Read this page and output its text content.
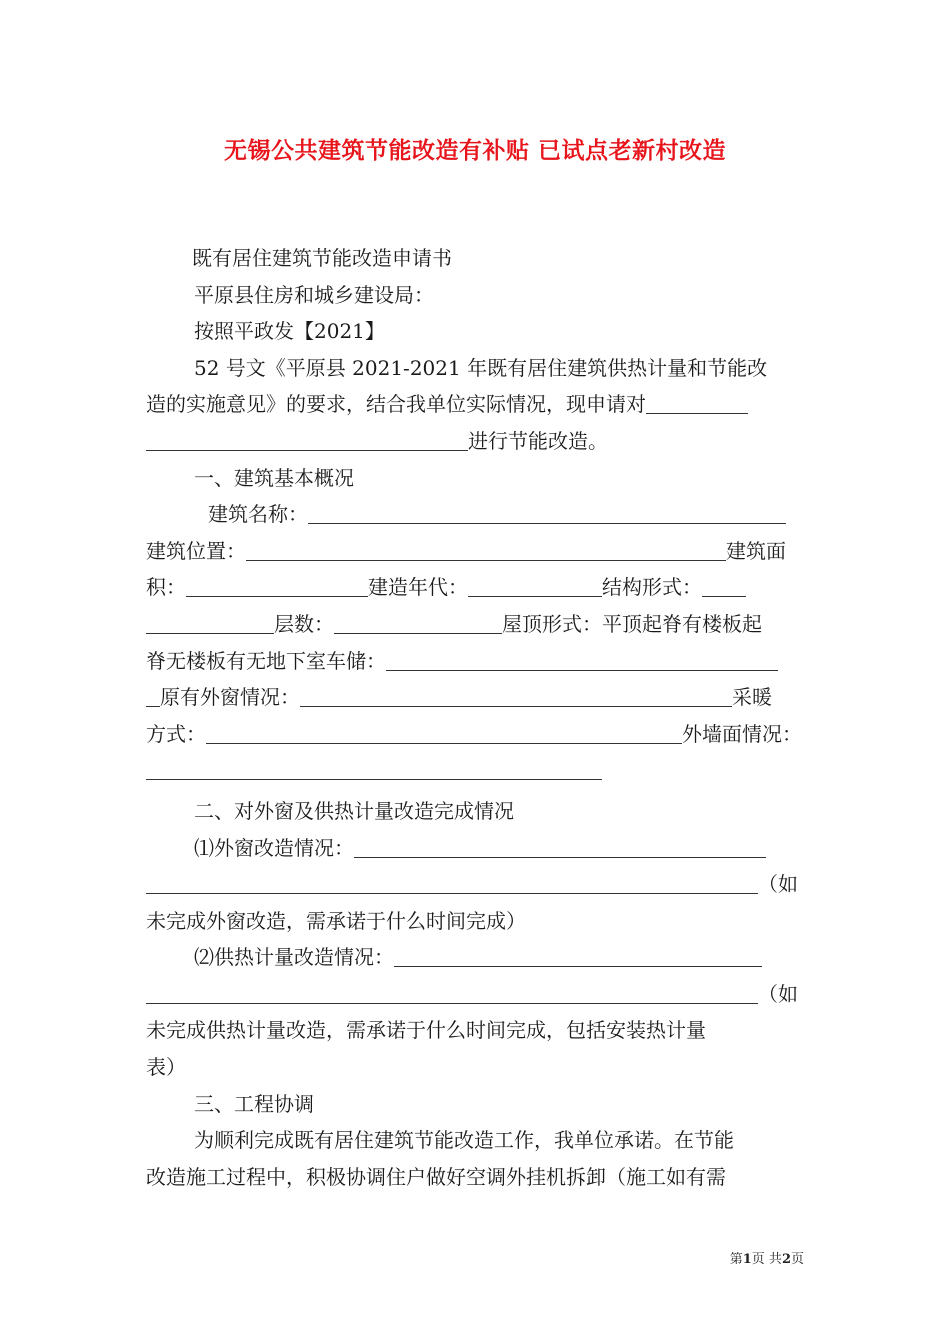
无锡公共建筑节能改造有补贴 已试点老新村改造
既有居住建筑节能改造申请书
平原县住房和城乡建设局：
按照平政发【2021】
52 号文《平原县 2021-2021 年既有居住建筑供热计量和节能改
造的实施意见》的要求，结合我单位实际情况，现申请对
进行节能改造。
一、建筑基本概况
建筑名称：
建筑位置：	建筑面
积：	建造年代：	结构形式：
层数：	屋顶形式：平顶起脊有楼板起
脊无楼板有无地下室车储：
原有外窗情况：	采暖
方式：	外墙面情况：
二、对外窗及供热计量改造完成情况
⑴外窗改造情况：
（如
未完成外窗改造，需承诺于什么时间完成）
⑵供热计量改造情况：
（如
未完成供热计量改造，需承诺于什么时间完成，包括安装热计量
表）
三、工程协调
为顺利完成既有居住建筑节能改造工作，我单位承诺。在节能
改造施工过程中，积极协调住户做好空调外挂机拆卸（施工如有需
第1页 共2页
